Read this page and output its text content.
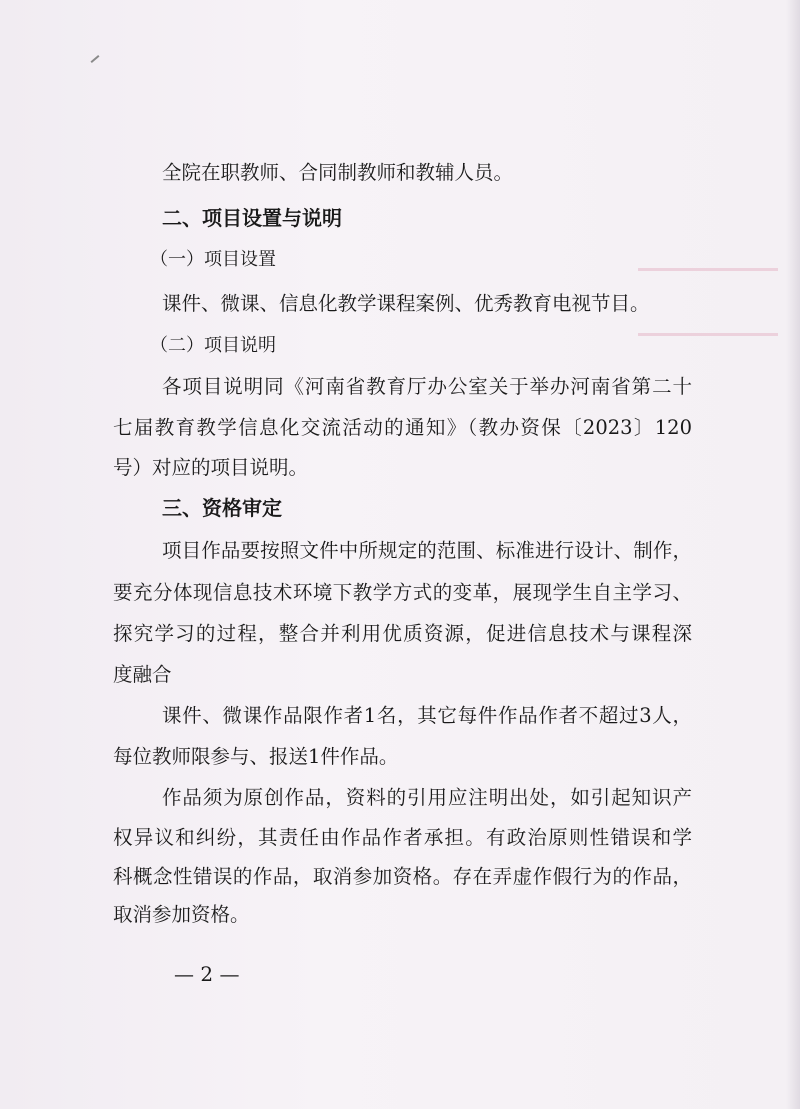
全院在职教师、合同制教师和教辅人员。
二、项目设置与说明
（一）项目设置
课件、微课、信息化教学课程案例、优秀教育电视节目。
（二）项目说明
各项目说明同《河南省教育厅办公室关于举办河南省第二十
七届教育教学信息化交流活动的通知》（教办资保〔2023〕120
号）对应的项目说明。
三、资格审定
项目作品要按照文件中所规定的范围、标准进行设计、制作，
要充分体现信息技术环境下教学方式的变革，展现学生自主学习、
探究学习的过程，整合并利用优质资源，促进信息技术与课程深
度融合
课件、微课作品限作者1名，其它每件作品作者不超过3人，
每位教师限参与、报送1件作品。
作品须为原创作品，资料的引用应注明出处，如引起知识产
权异议和纠纷，其责任由作品作者承担。有政治原则性错误和学
科概念性错误的作品，取消参加资格。存在弄虚作假行为的作品，
取消参加资格。
— 2 —
